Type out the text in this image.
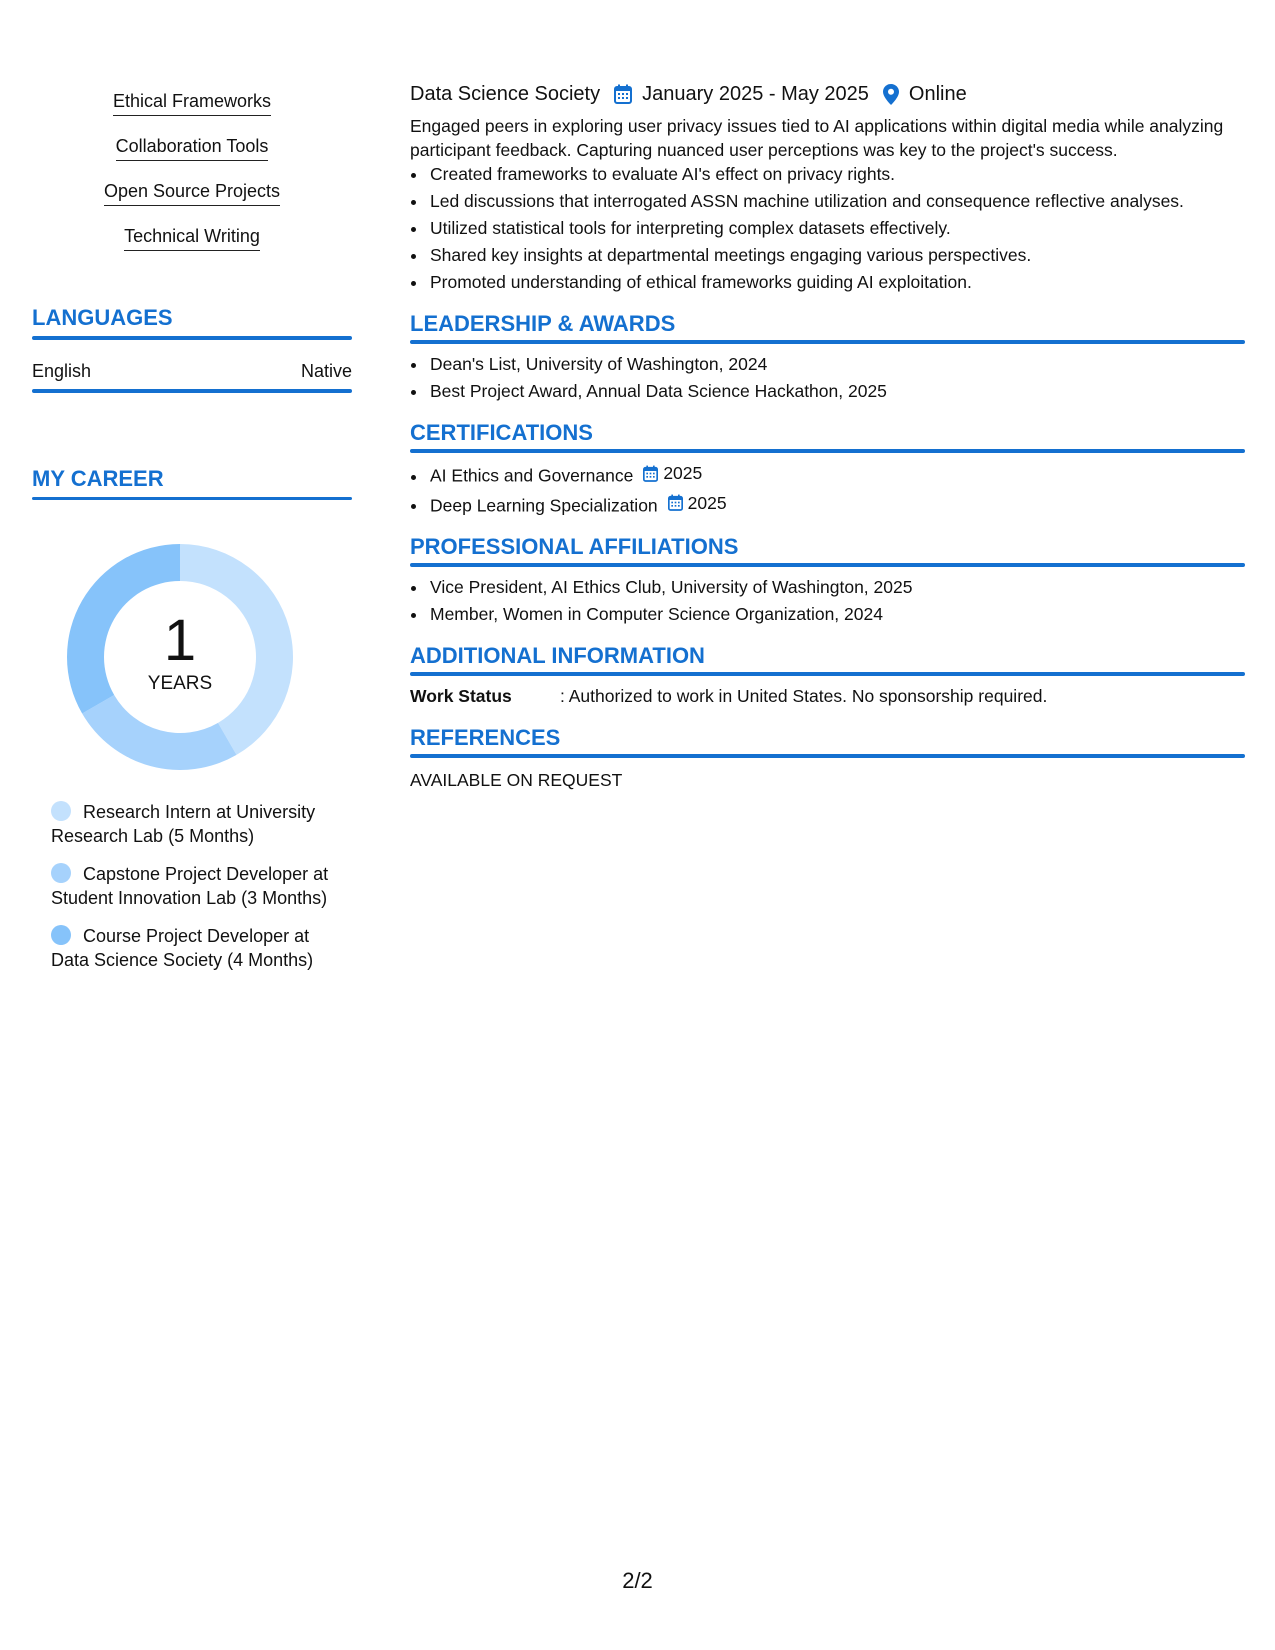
Ethical Frameworks
Collaboration Tools
Open Source Projects
Technical Writing
LANGUAGES
English	Native
MY CAREER
1
YEARS
Research Intern at University Research Lab (5 Months)
Capstone Project Developer at Student Innovation Lab (3 Months)
Course Project Developer at Data Science Society (4 Months)
Data Science Society January 2025 - May 2025 Online

Engaged peers in exploring user privacy issues tied to AI applications within digital media while analyzing participant feedback. Capturing nuanced user perceptions was key to the project's success.

• Created frameworks to evaluate AI's effect on privacy rights.
• Led discussions that interrogated ASSN machine utilization and consequence reflective analyses.
• Utilized statistical tools for interpreting complex datasets effectively.
• Shared key insights at departmental meetings engaging various perspectives.
• Promoted understanding of ethical frameworks guiding AI exploitation.
LEADERSHIP & AWARDS
• Dean's List, University of Washington, 2024
• Best Project Award, Annual Data Science Hackathon, 2025
CERTIFICATIONS
• AI Ethics and Governance 2025
• Deep Learning Specialization 2025
PROFESSIONAL AFFILIATIONS
• Vice President, AI Ethics Club, University of Washington, 2025
• Member, Women in Computer Science Organization, 2024
ADDITIONAL INFORMATION
Work Status	: Authorized to work in United States. No sponsorship required.
REFERENCES
AVAILABLE ON REQUEST
2/2
